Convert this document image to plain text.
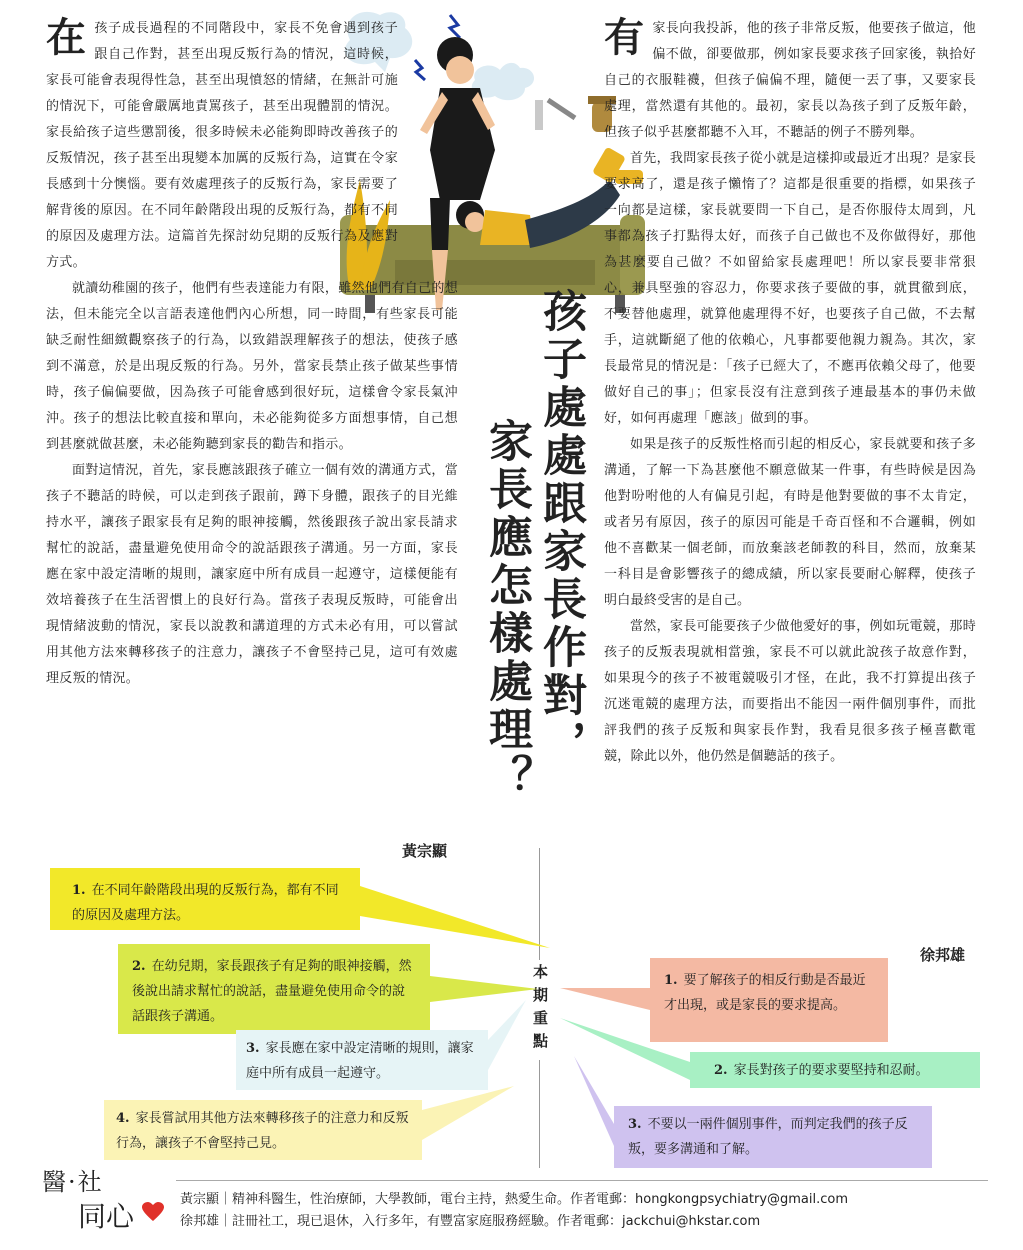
在 孩子成長過程的不同階段中，家長不免會遇到孩子跟自己作對，甚至出現反叛行為的情況，這時候，家長可能會表現得性急，甚至出現憤怒的情緒，在無計可施的情況下，可能會嚴厲地責罵孩子，甚至出現體罰的情況。家長給孩子這些懲罰後，很多時候未必能夠即時改善孩子的反叛情況，孩子甚至出現變本加厲的反叛行為，這實在令家長感到十分懊惱。要有效處理孩子的反叛行為，家長需要了解背後的原因。在不同年齡階段出現的反叛行為，都有不同的原因及處理方法。這篇首先探討幼兒期的反叛行為及應對方式。

就讀幼稚園的孩子，他們有些表達能力有限，雖然他們有自己的想法，但未能完全以言語表達他們內心所想，同一時間，有些家長可能缺乏耐性細緻觀察孩子的行為，以致錯誤理解孩子的想法，使孩子感到不滿意，於是出現反叛的行為。另外，當家長禁止孩子做某些事情時，孩子偏偏要做，因為孩子可能會感到很好玩，這樣會令家長氣沖沖。孩子的想法比較直接和單向，未必能夠從多方面想事情，自己想到甚麼就做甚麼，未必能夠聽到家長的勸告和指示。

面對這情況，首先，家長應該跟孩子確立一個有效的溝通方式，當孩子不聽話的時候，可以走到孩子跟前，蹲下身體，跟孩子的目光維持水平，讓孩子跟家長有足夠的眼神接觸，然後跟孩子說出家長請求幫忙的說話，盡量避免使用命令的說話跟孩子溝通。另一方面，家長應在家中設定清晰的規則，讓家庭中所有成員一起遵守，這樣便能有效培養孩子在生活習慣上的良好行為。當孩子表現反叛時，可能會出現情緒波動的情況，家長以說教和講道理的方式未必有用，可以嘗試用其他方法來轉移孩子的注意力，讓孩子不會堅持己見，這可有效處理反叛的情況。

黃宗顯
孩子處處跟家長作對，
家長應怎樣處理？
有 家長向我投訴，他的孩子非常反叛，他要孩子做這，他偏不做，卻要做那，例如家長要求孩子回家後，執拾好自己的衣服鞋襪，但孩子偏偏不理，隨便一丟了事，又要家長處理，當然還有其他的。最初，家長以為孩子到了反叛年齡，但孩子似乎甚麼都聽不入耳，不聽話的例子不勝列舉。

首先，我問家長孩子從小就是這樣抑或最近才出現？是家長要求高了，還是孩子懶惰了？這都是很重要的指標，如果孩子一向都是這樣，家長就要問一下自己，是否你服侍太周到，凡事都為孩子打點得太好，而孩子自己做也不及你做得好，那他為甚麼要自己做？不如留給家長處理吧！所以家長要非常狠心，兼具堅強的容忍力，你要求孩子要做的事，就貫徹到底，不要替他處理，就算他處理得不好，也要孩子自己做，不去幫手，這就斷絕了他的依賴心，凡事都要他親力親為。其次，家長最常見的情況是：「孩子已經大了，不應再依賴父母了，他要做好自己的事」；但家長沒有注意到孩子連最基本的事仍未做好，如何再處理「應該」做到的事。

如果是孩子的反叛性格而引起的相反心，家長就要和孩子多溝通，了解一下為甚麼他不願意做某一件事，有些時候是因為他對吩咐他的人有偏見引起，有時是他對要做的事不太肯定，或者另有原因，孩子的原因可能是千奇百怪和不合邏輯，例如他不喜歡某一個老師，而放棄該老師教的科目，然而，放棄某一科目是會影響孩子的總成績，所以家長要耐心解釋，使孩子明白最終受害的是自己。

當然，家長可能要孩子少做他愛好的事，例如玩電競，那時孩子的反叛表現就相當強，家長不可以就此說孩子故意作對，如果現今的孩子不被電競吸引才怪，在此，我不打算提出孩子沉迷電競的處理方法，而要指出不能因一兩件個別事件，而批評我們的孩子反叛和與家長作對，我看見很多孩子極喜歡電競，除此以外，他仍然是個聽話的孩子。

徐邦雄
本期重點
1. 在不同年齡階段出現的反叛行為，都有不同的原因及處理方法。
2. 在幼兒期，家長跟孩子有足夠的眼神接觸，然後說出請求幫忙的說話，盡量避免使用命令的說話跟孩子溝通。
3. 家長應在家中設定清晰的規則，讓家庭中所有成員一起遵守。
4. 家長嘗試用其他方法來轉移孩子的注意力和反叛行為，讓孩子不會堅持己見。
1. 要了解孩子的相反行動是否最近才出現，或是家長的要求提高。
2. 家長對孩子的要求要堅持和忍耐。
3. 不要以一兩件個別事件，而判定我們的孩子反叛，要多溝通和了解。
醫·社
同心
黃宗顯｜精神科醫生，性治療師，大學教師，電台主持，熱愛生命。作者電郵：hongkongpsychiatry@gmail.com
徐邦雄｜註冊社工，現已退休，入行多年，有豐富家庭服務經驗。作者電郵：jackchui@hkstar.com
